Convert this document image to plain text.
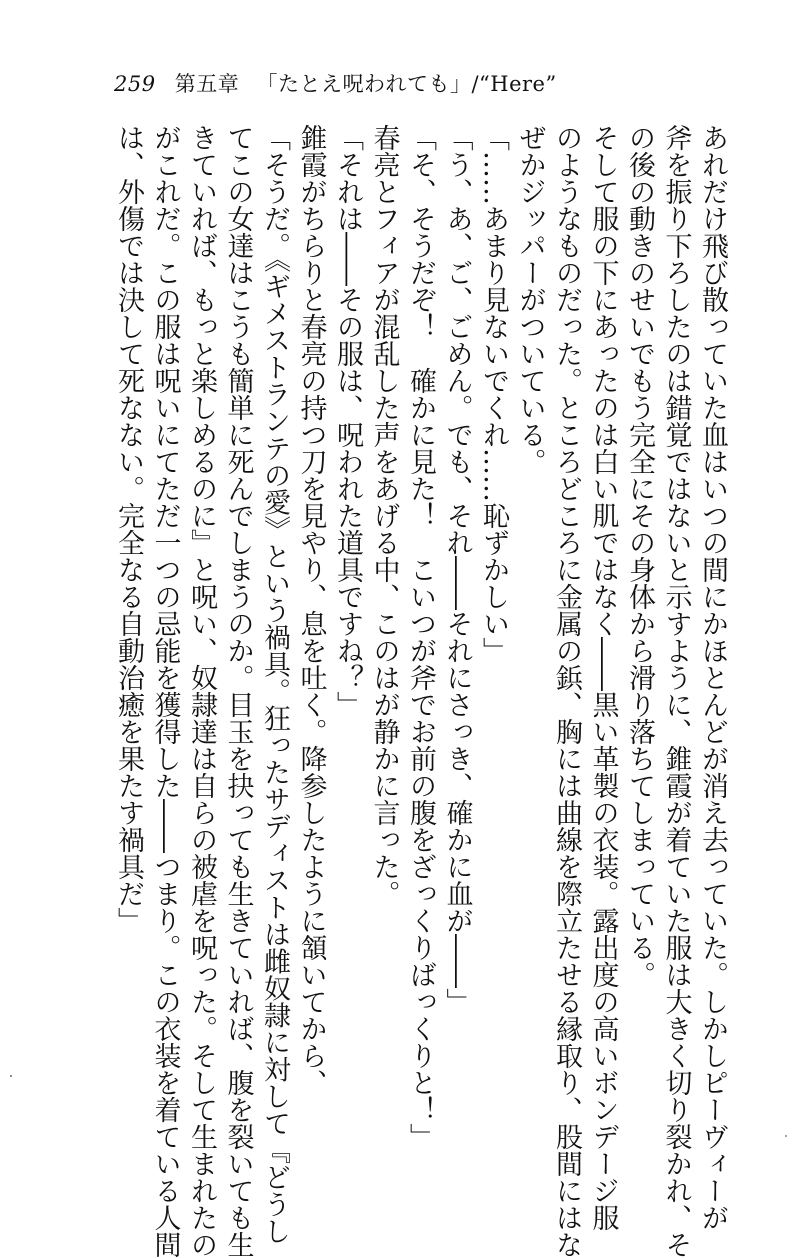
259 第五章 「たとえ呪われても」/“Here”
あれだけ飛び散っていた血はいつの間にかほとんどが消え去っていた。しかしピーヴィーが
斧を振り下ろしたのは錯覚ではないと示すように、錐霞が着ていた服は大きく切り裂かれ、そ
の後の動きのせいでもう完全にその身体から滑り落ちてしまっている。
そして服の下にあったのは白い肌ではなく――黒い革製の衣装。露出度の高いボンデージ服
のようなものだった。ところどころに金属の鋲、胸には曲線を際立たせる縁取り、股間にはな
ぜかジッパーがついている。
「……あまり見ないでくれ……恥ずかしい」
「う、あ、ご、ごめん。でも、それ――それにさっき、確かに血が――」
「そ、そうだぞ！　確かに見た！　こいつが斧でお前の腹をざっくりばっくりと！」
春亮とフィアが混乱した声をあげる中、このはが静かに言った。
「それは――その服は、呪われた道具ですね？」
錐霞がちらりと春亮の持つ刀を見やり、息を吐く。降参したように頷いてから、
「そうだ。《ギメストランテの愛》という禍具。狂ったサディストは雌奴隷に対して『どうし
てこの女達はこうも簡単に死んでしまうのか。目玉を抉っても生きていれば、腹を裂いても生
きていれば、もっと楽しめるのに』と呪い、奴隷達は自らの被虐を呪った。そして生まれたの
がこれだ。この服は呪いにてただ一つの忌能を獲得した――つまり。この衣装を着ている人間
は、外傷では決して死なない。完全なる自動治癒を果たす禍具だ」
